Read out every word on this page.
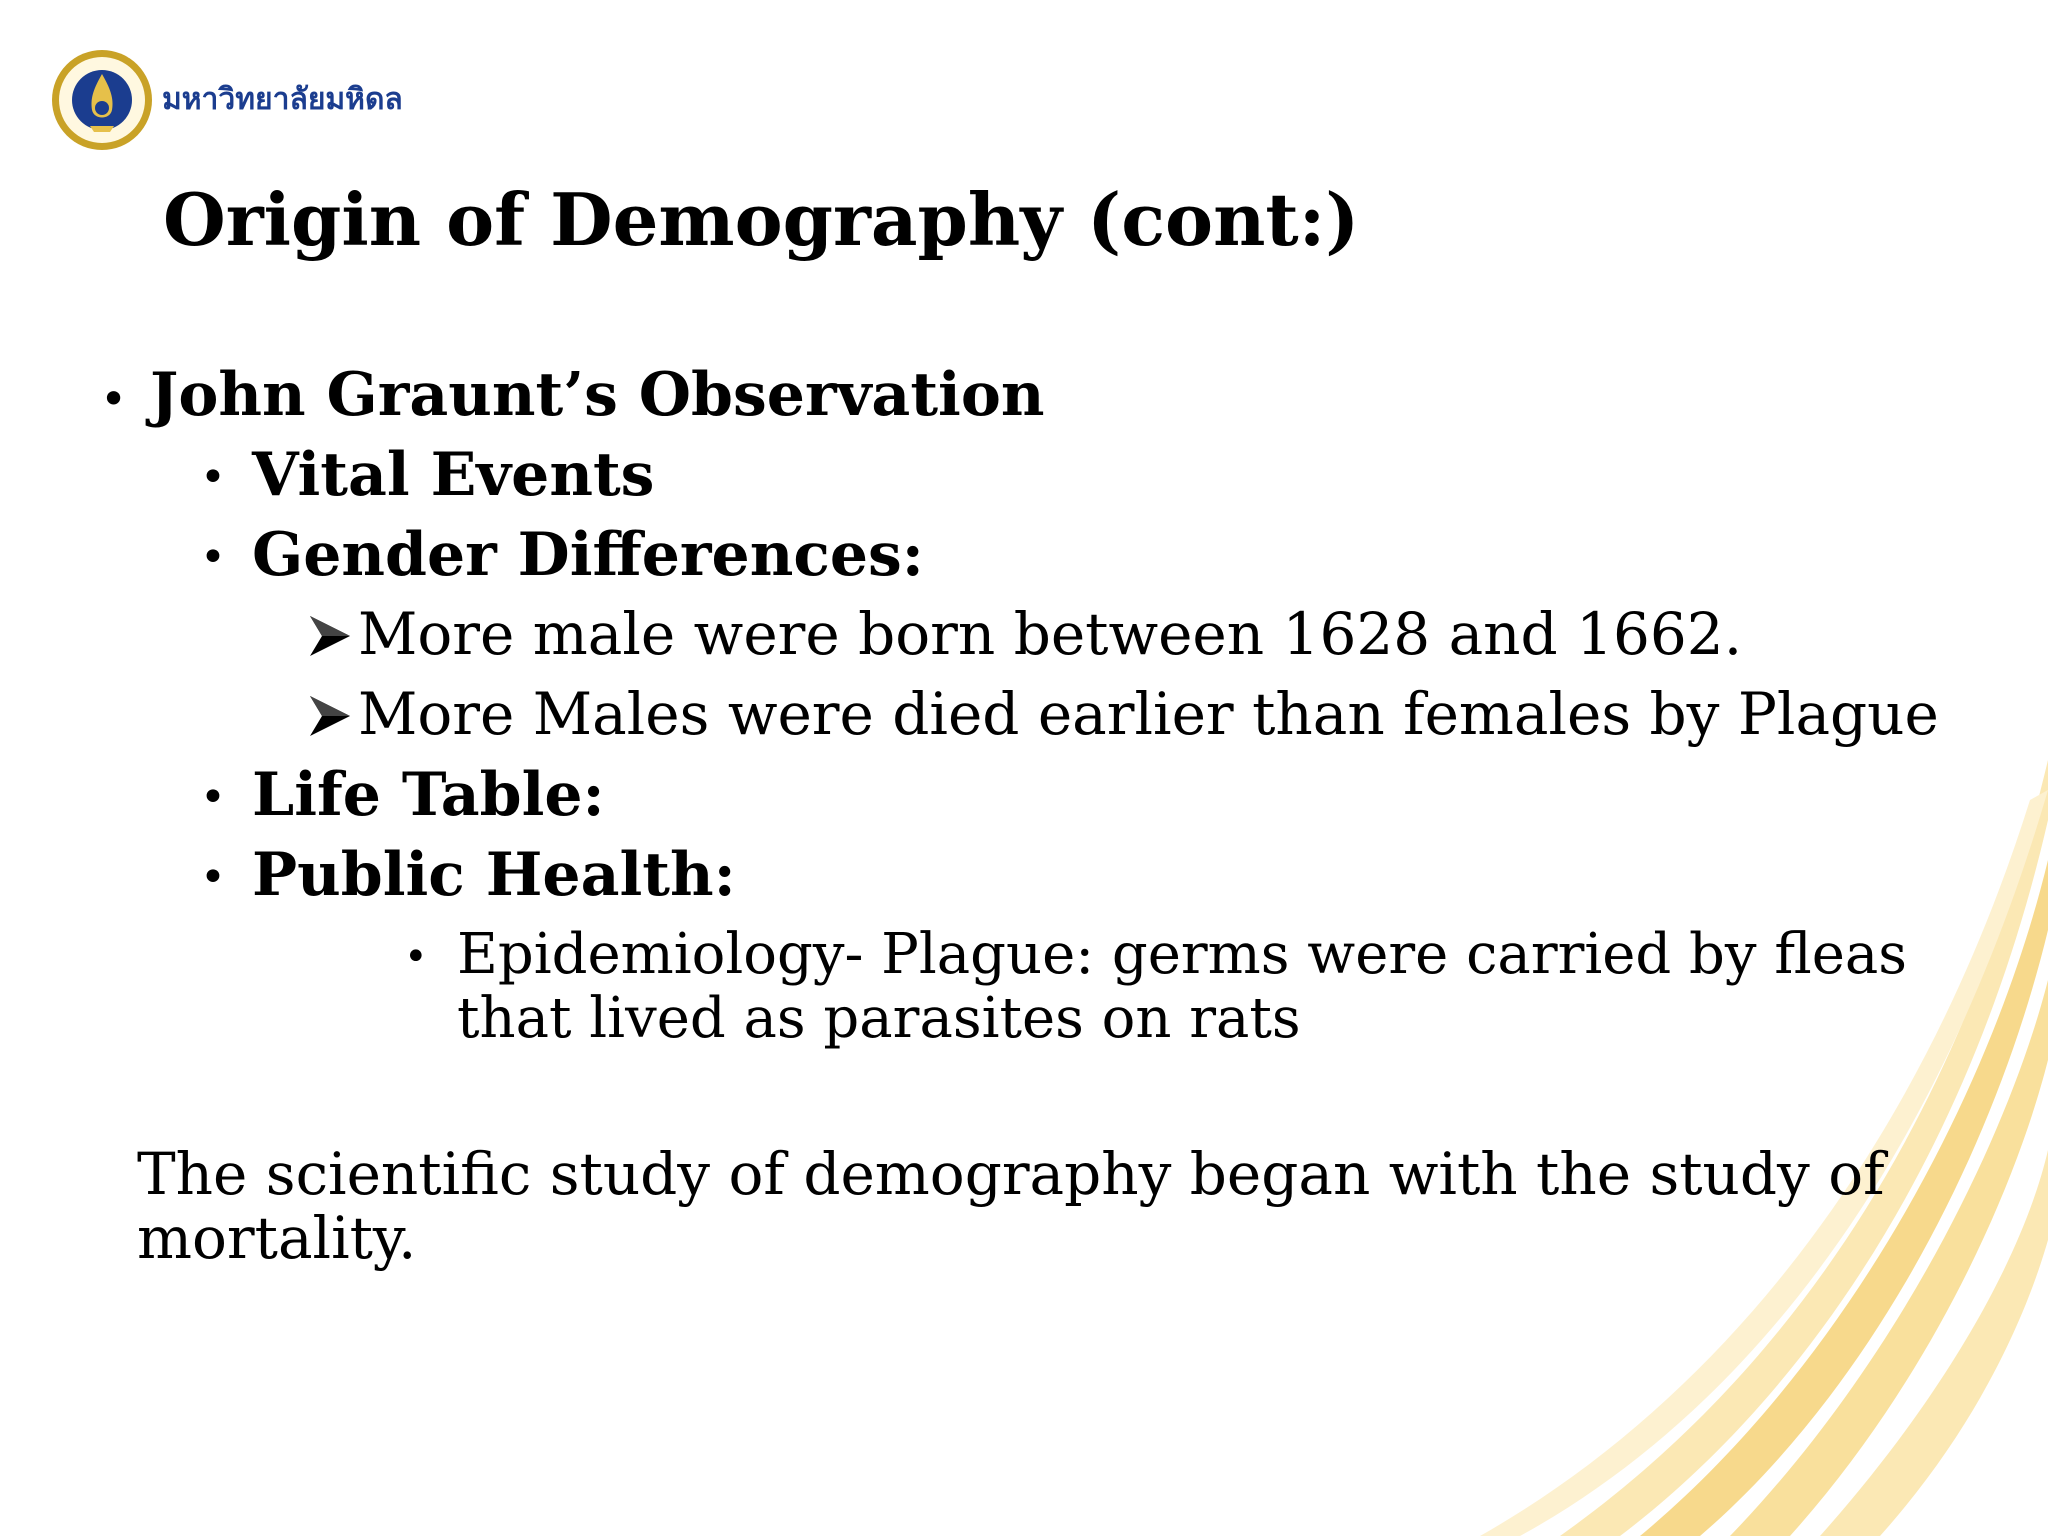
มหาวิทยาลัยมหิดล
Origin of Demography (cont:)
• John Graunt’s Observation
• Vital Events
• Gender Differences:
More male were born between 1628 and 1662.
More Males were died earlier than females by Plague
• Life Table:
• Public Health:
• Epidemiology- Plague: germs were carried by fleas
that lived as parasites on rats
The scientific study of demography began with the study of mortality.
